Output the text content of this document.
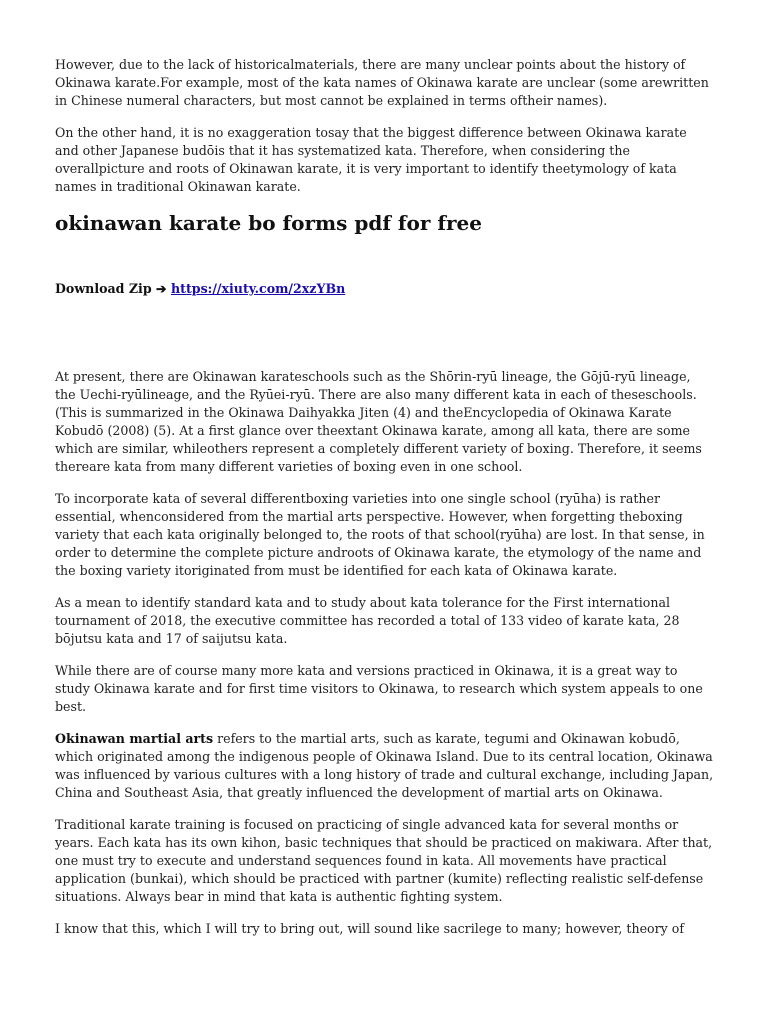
However, due to the lack of historicalmaterials, there are many unclear points about the history of Okinawa karate.For example, most of the kata names of Okinawa karate are unclear (some arewritten in Chinese numeral characters, but most cannot be explained in terms oftheir names).

On the other hand, it is no exaggeration tosay that the biggest difference between Okinawa karate and other Japanese budōis that it has systematized kata. Therefore, when considering the overallpicture and roots of Okinawan karate, it is very important to identify theetymology of kata names in traditional Okinawan karate.

okinawan karate bo forms pdf for free
Download Zip ➔ https://xiuty.com/2xzYBn

At present, there are Okinawan karateschools such as the Shōrin-ryū lineage, the Gōjū-ryū lineage, the Uechi-ryūlineage, and the Ryūei-ryū. There are also many different kata in each of theseschools.(This is summarized in the Okinawa Daihyakka Jiten (4) and theEncyclopedia of Okinawa Karate Kobudō (2008) (5). At a first glance over theextant Okinawa karate, among all kata, there are some which are similar, whileothers represent a completely different variety of boxing. Therefore, it seems thereare kata from many different varieties of boxing even in one school.

To incorporate kata of several differentboxing varieties into one single school (ryūha) is rather essential, whenconsidered from the martial arts perspective. However, when forgetting theboxing variety that each kata originally belonged to, the roots of that school(ryūha) are lost. In that sense, in order to determine the complete picture androots of Okinawa karate, the etymology of the name and the boxing variety itoriginated from must be identified for each kata of Okinawa karate.

As a mean to identify standard kata and to study about kata tolerance for the First international tournament of 2018, the executive committee has recorded a total of 133 video of karate kata, 28 bōjutsu kata and 17 of saijutsu kata.

While there are of course many more kata and versions practiced in Okinawa, it is a great way to study Okinawa karate and for first time visitors to Okinawa, to research which system appeals to one best.

Okinawan martial arts refers to the martial arts, such as karate, tegumi and Okinawan kobudō, which originated among the indigenous people of Okinawa Island. Due to its central location, Okinawa was influenced by various cultures with a long history of trade and cultural exchange, including Japan, China and Southeast Asia, that greatly influenced the development of martial arts on Okinawa.

Traditional karate training is focused on practicing of single advanced kata for several months or years. Each kata has its own kihon, basic techniques that should be practiced on makiwara. After that, one must try to execute and understand sequences found in kata. All movements have practical application (bunkai), which should be practiced with partner (kumite) reflecting realistic self-defense situations. Always bear in mind that kata is authentic fighting system.

I know that this, which I will try to bring out, will sound like sacrilege to many; however, theory of
